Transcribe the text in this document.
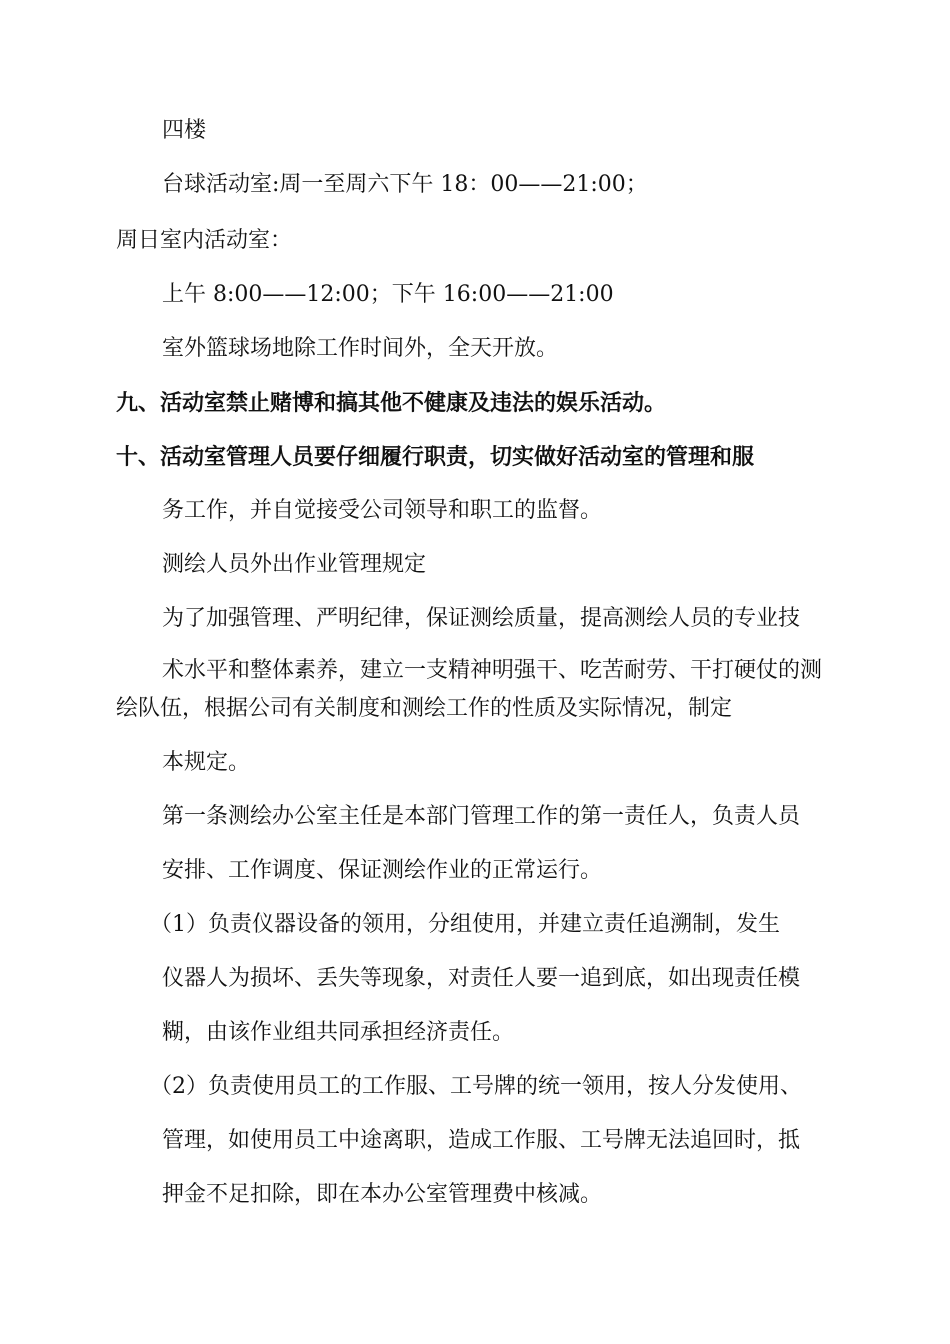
四楼
台球活动室:周一至周六下午 18：00——21:00；
周日室内活动室：
上午 8:00——12:00；下午 16:00——21:00
室外篮球场地除工作时间外，全天开放。
九、活动室禁止赌博和搞其他不健康及违法的娱乐活动。
十、活动室管理人员要仔细履行职责，切实做好活动室的管理和服
务工作，并自觉接受公司领导和职工的监督。
测绘人员外出作业管理规定
为了加强管理、严明纪律，保证测绘质量，提高测绘人员的专业技
术水平和整体素养，建立一支精神明强干、吃苦耐劳、干打硬仗的测
绘队伍，根据公司有关制度和测绘工作的性质及实际情况，制定
本规定。
第一条测绘办公室主任是本部门管理工作的第一责任人，负责人员
安排、工作调度、保证测绘作业的正常运行。
（1）负责仪器设备的领用，分组使用，并建立责任追溯制，发生
仪器人为损坏、丢失等现象，对责任人要一追到底，如出现责任模
糊，由该作业组共同承担经济责任。
（2）负责使用员工的工作服、工号牌的统一领用，按人分发使用、
管理，如使用员工中途离职，造成工作服、工号牌无法追回时，抵
押金不足扣除，即在本办公室管理费中核减。
